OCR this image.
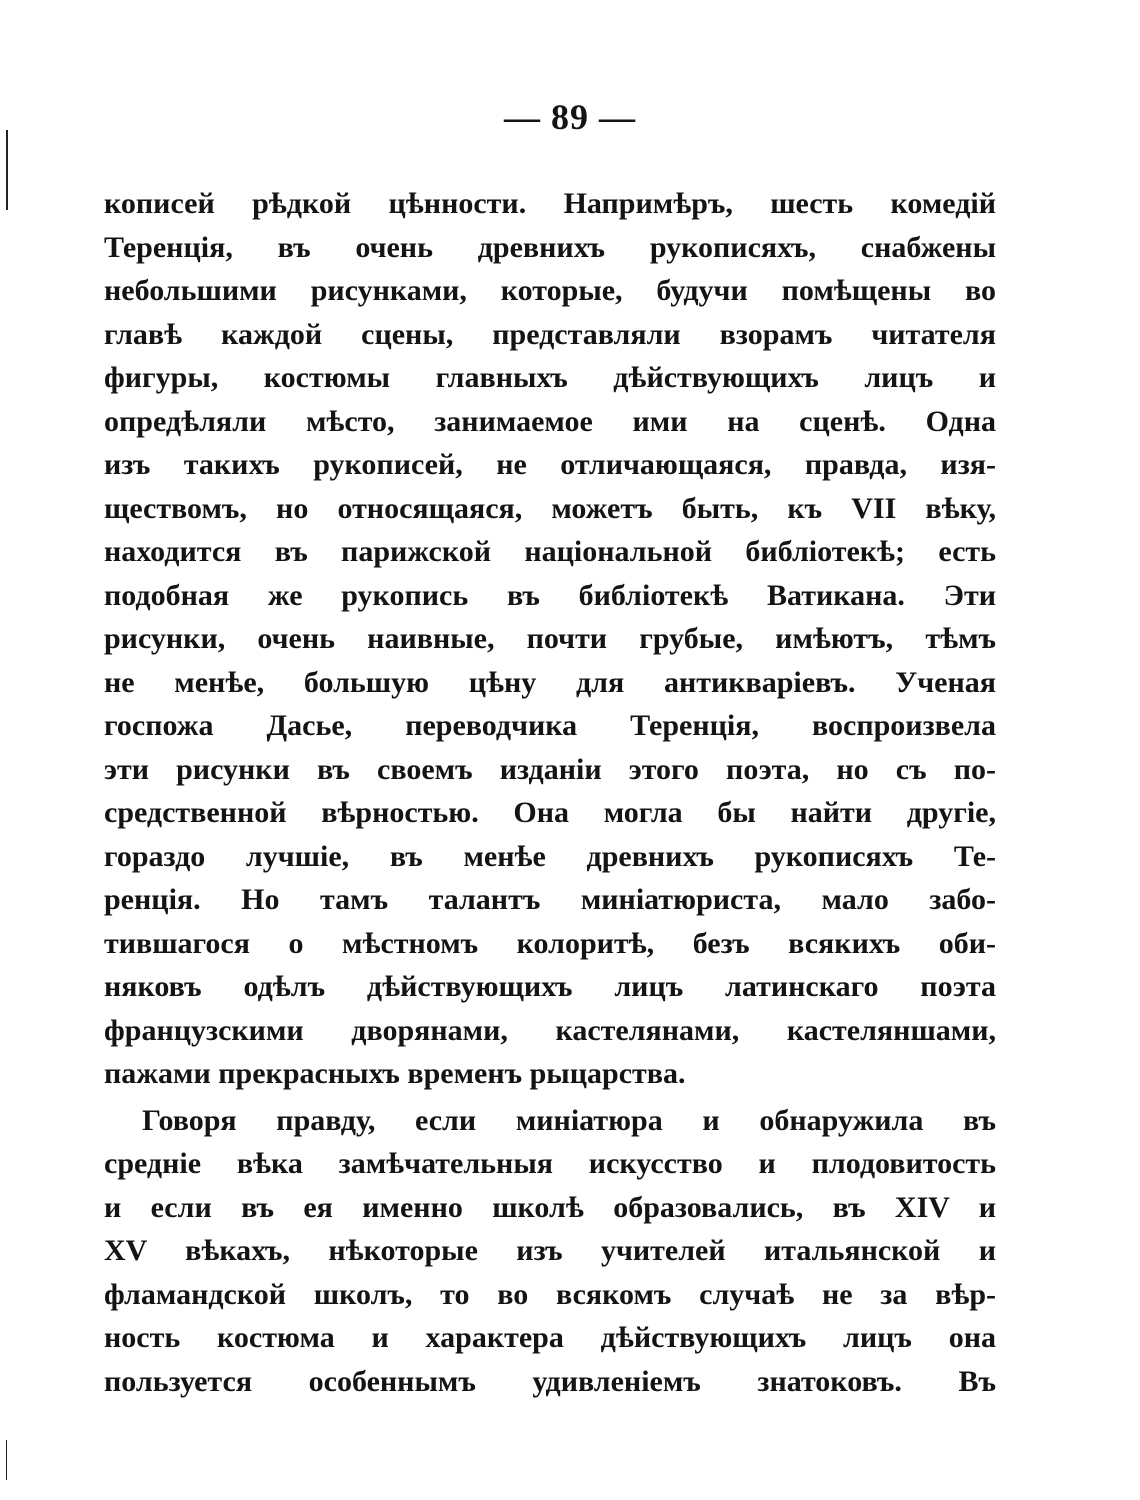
— 89 —
кописей рѣдкой цѣнности. Напримѣръ, шесть комедій
Теренція, въ очень древнихъ рукописяхъ, снабжены
небольшими рисунками, которые, будучи помѣщены во
главѣ каждой сцены, представляли взорамъ читателя
фигуры, костюмы главныхъ дѣйствующихъ лицъ и
опредѣляли мѣсто, занимаемое ими на сценѣ. Одна
изъ такихъ рукописей, не отличающаяся, правда, изя-
ществомъ, но относящаяся, можетъ быть, къ VII вѣку,
находится въ парижской національной библіотекѣ; есть
подобная же рукопись въ библіотекѣ Ватикана. Эти
рисунки, очень наивные, почти грубые, имѣютъ, тѣмъ
не менѣе, большую цѣну для антикваріевъ. Ученая
госпожа Дасье, переводчика Теренція, воспроизвела
эти рисунки въ своемъ изданіи этого поэта, но съ по-
средственной вѣрностью. Она могла бы найти другіе,
гораздо лучшіе, въ менѣе древнихъ рукописяхъ Те-
ренція. Но тамъ талантъ миніатюриста, мало забо-
тившагося о мѣстномъ колоритѣ, безъ всякихъ оби-
няковъ одѣлъ дѣйствующихъ лицъ латинскаго поэта
французскими дворянами, кастелянами, кастеляншами,
пажами прекрасныхъ временъ рыцарства.
Говоря правду, если миніатюра и обнаружила въ
средніе вѣка замѣчательныя искусство и плодовитость
и если въ ея именно школѣ образовались, въ XIV и
XV вѣкахъ, нѣкоторые изъ учителей итальянской и
фламандской школъ, то во всякомъ случаѣ не за вѣр-
ность костюма и характера дѣйствующихъ лицъ она
пользуется особеннымъ удивленіемъ знатоковъ. Въ
